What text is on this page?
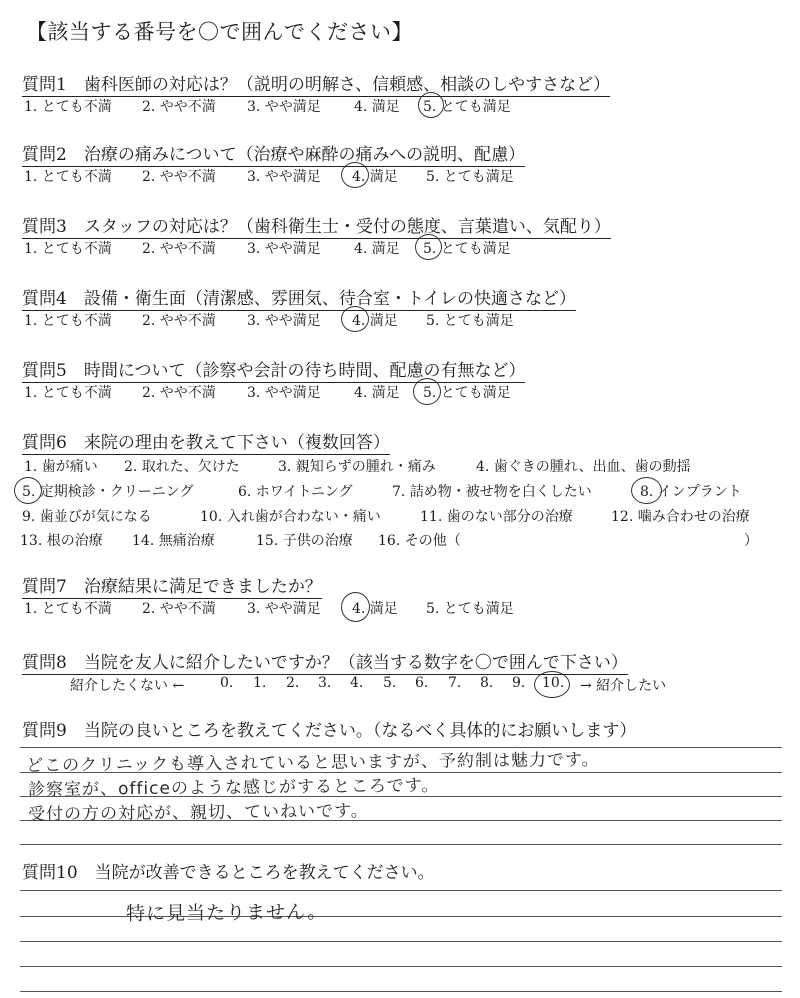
【該当する番号を〇で囲んでください】
質問1　歯科医師の対応は？（説明の明解さ、信頼感、相談のしやすさなど）
1. とても不満 2. やや不満 3. やや満足 4. 満足 5. とても満足
質問2　治療の痛みについて（治療や麻酔の痛みへの説明、配慮）
1. とても不満 2. やや不満 3. やや満足 4. 満足 5. とても満足
質問3　スタッフの対応は？（歯科衛生士・受付の態度、言葉遣い、気配り）
1. とても不満 2. やや不満 3. やや満足 4. 満足 5. とても満足
質問4　設備・衛生面（清潔感、雰囲気、待合室・トイレの快適さなど）
1. とても不満 2. やや不満 3. やや満足 4. 満足 5. とても満足
質問5　時間について（診察や会計の待ち時間、配慮の有無など）
1. とても不満 2. やや不満 3. やや満足 4. 満足 5. とても満足
質問6　来院の理由を教えて下さい（複数回答）
1. 歯が痛い 2. 取れた、欠けた	3. 親知らずの腫れ・痛み	4. 歯ぐきの腫れ、出血、歯の動揺
5. 定期検診・クリーニング	6. ホワイトニング	7. 詰め物・被せ物を白くしたい	8. インプラント
9. 歯並びが気になる	10. 入れ歯が合わない・痛い	11. 歯のない部分の治療	12. 噛み合わせの治療
13. 根の治療 14. 無痛治療	15. 子供の治療 16. その他（	）
質問7　治療結果に満足できましたか？
1. とても不満 2. やや不満 3. やや満足 4. 満足 5. とても満足
質問8　当院を友人に紹介したいですか？（該当する数字を〇で囲んで下さい）
紹介したくない ←	0. 1. 2. 3. 4. 5. 6. 7. 8. 9. 10. → 紹介したい
質問9　当院の良いところを教えてください。（なるべく具体的にお願いします）
どこのクリニックも導入されていると思いますが、予約制は魅力です。
診察室が、officeのような感じがするところです。
受付の方の対応が、親切、ていねいです。
質問10　当院が改善できるところを教えてください。
特に見当たりません。
